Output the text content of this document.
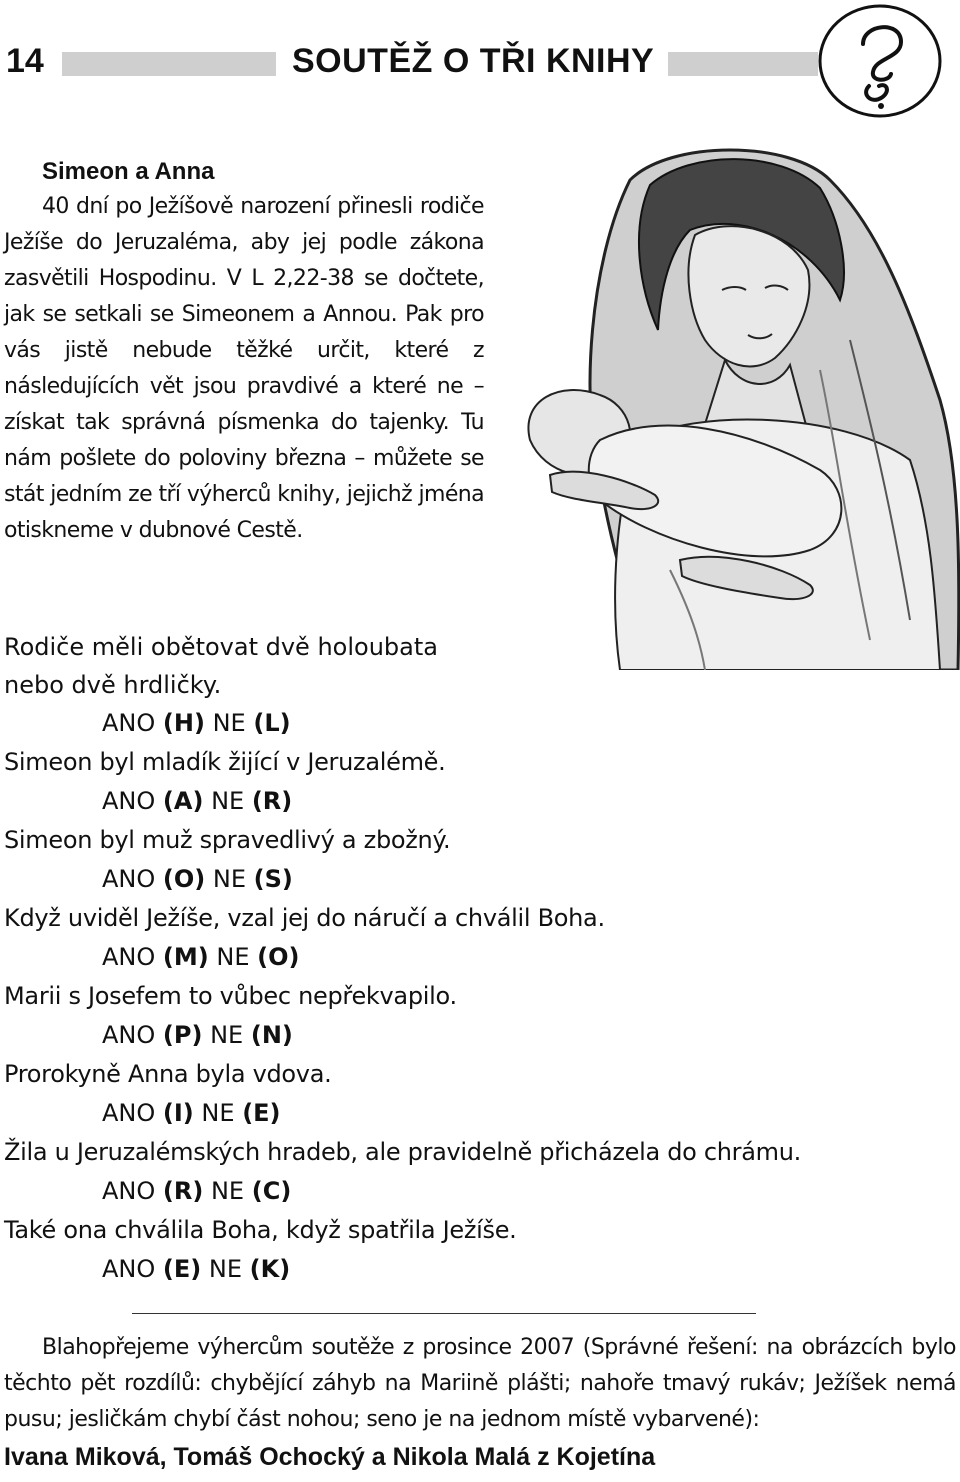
14	SOUTĚŽ O TŘI KNIHY
Simeon a Anna

40 dní po Ježíšově narození přinesli rodiče Ježíše do Jeruzaléma, aby jej podle zákona zasvětili Hospodinu. V L 2,22-38 se dočtete, jak se setkali se Simeonem a Annou. Pak pro vás jistě nebude těžké určit, které z následujících vět jsou pravdivé a které ne – získat tak správná písmenka do tajenky. Tu nám pošlete do poloviny března – můžete se stát jedním ze tří výherců knihy, jejichž jména otiskneme v dubnové Cestě.

Rodiče měli obětovat dvě holoubata nebo dvě hrdličky.

ANO (H) NE (L)

Simeon byl mladík žijící v Jeruzalémě.

ANO (A) NE (R)

Simeon byl muž spravedlivý a zbožný.

ANO (O) NE (S)

Když uviděl Ježíše, vzal jej do náručí a chválil Boha.

ANO (M) NE (O)

Marii s Josefem to vůbec nepřekvapilo.

ANO (P) NE (N)

Prorokyně Anna byla vdova.

ANO (I) NE (E)

Žila u Jeruzalémských hradeb, ale pravidelně přicházela do chrámu.

ANO (R) NE (C)

Také ona chválila Boha, když spatřila Ježíše.

ANO (E) NE (K)

Blahopřejeme výhercům soutěže z prosince 2007 (Správné řešení: na obrázcích bylo těchto pět rozdílů: chybějící záhyb na Mariině plášti; nahoře tmavý rukáv; Ježíšek nemá pusu; jesličkám chybí část nohou; seno je na jednom místě vybarvené):

Ivana Miková, Tomáš Ochocký a Nikola Malá z Kojetína
